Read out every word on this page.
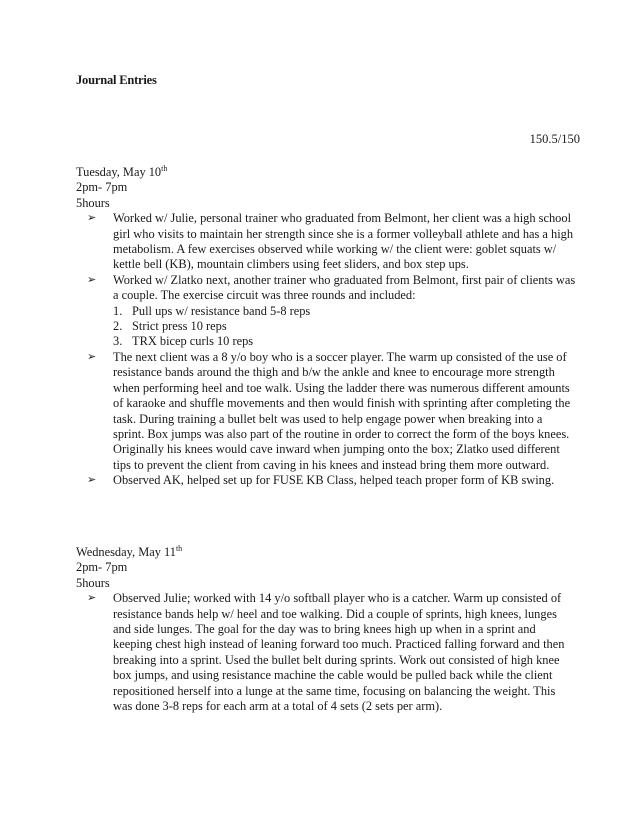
Journal Entries
150.5/150
Tuesday, May 10th
2pm- 7pm
5hours
➢ Worked w/ Julie, personal trainer who graduated from Belmont, her client was a high school girl who visits to maintain her strength since she is a former volleyball athlete and has a high metabolism. A few exercises observed while working w/ the client were: goblet squats w/ kettle bell (KB), mountain climbers using feet sliders, and box step ups.
➢ Worked w/ Zlatko next, another trainer who graduated from Belmont, first pair of clients was a couple. The exercise circuit was three rounds and included:
1. Pull ups w/ resistance band 5-8 reps
2. Strict press 10 reps
3. TRX bicep curls 10 reps
➢ The next client was a 8 y/o boy who is a soccer player. The warm up consisted of the use of resistance bands around the thigh and b/w the ankle and knee to encourage more strength when performing heel and toe walk. Using the ladder there was numerous different amounts of karaoke and shuffle movements and then would finish with sprinting after completing the task. During training a bullet belt was used to help engage power when breaking into a sprint. Box jumps was also part of the routine in order to correct the form of the boys knees. Originally his knees would cave inward when jumping onto the box; Zlatko used different tips to prevent the client from caving in his knees and instead bring them more outward.
➢ Observed AK, helped set up for FUSE KB Class, helped teach proper form of KB swing.
Wednesday, May 11th
2pm- 7pm
5hours
➢ Observed Julie; worked with 14 y/o softball player who is a catcher. Warm up consisted of resistance bands help w/ heel and toe walking. Did a couple of sprints, high knees, lunges and side lunges. The goal for the day was to bring knees high up when in a sprint and keeping chest high instead of leaning forward too much. Practiced falling forward and then breaking into a sprint. Used the bullet belt during sprints. Work out consisted of high knee box jumps, and using resistance machine the cable would be pulled back while the client repositioned herself into a lunge at the same time, focusing on balancing the weight. This was done 3-8 reps for each arm at a total of 4 sets (2 sets per arm).
